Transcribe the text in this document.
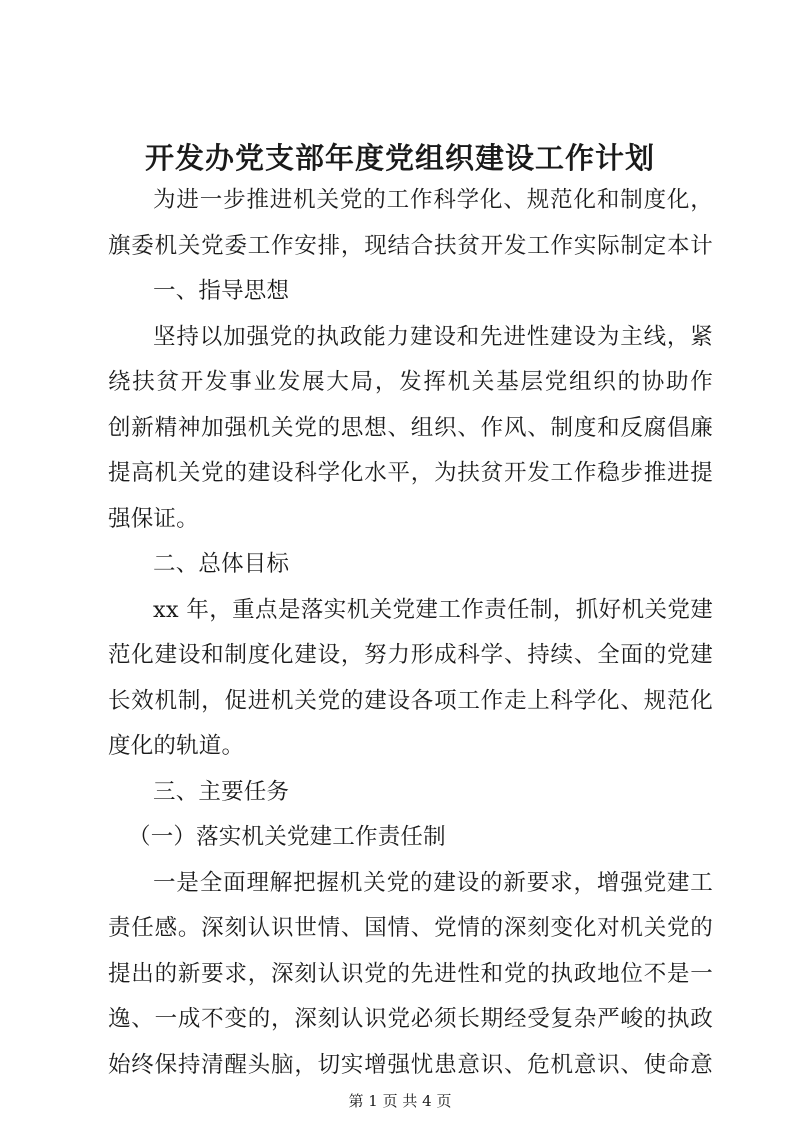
开发办党支部年度党组织建设工作计划
为进一步推进机关党的工作科学化、规范化和制度化，
旗委机关党委工作安排，现结合扶贫开发工作实际制定本计
一、指导思想
坚持以加强党的执政能力建设和先进性建设为主线，紧
绕扶贫开发事业发展大局，发挥机关基层党组织的协助作
创新精神加强机关党的思想、组织、作风、制度和反腐倡廉
提高机关党的建设科学化水平，为扶贫开发工作稳步推进提
强保证。
二、总体目标
xx 年，重点是落实机关党建工作责任制，抓好机关党建
范化建设和制度化建设，努力形成科学、持续、全面的党建
长效机制，促进机关党的建设各项工作走上科学化、规范化
度化的轨道。
三、主要任务
（一）落实机关党建工作责任制
一是全面理解把握机关党的建设的新要求，增强党建工
责任感。深刻认识世情、国情、党情的深刻变化对机关党的
提出的新要求，深刻认识党的先进性和党的执政地位不是一
逸、一成不变的，深刻认识党必须长期经受复杂严峻的执政
始终保持清醒头脑，切实增强忧患意识、危机意识、使命意
第 1 页 共 4 页
